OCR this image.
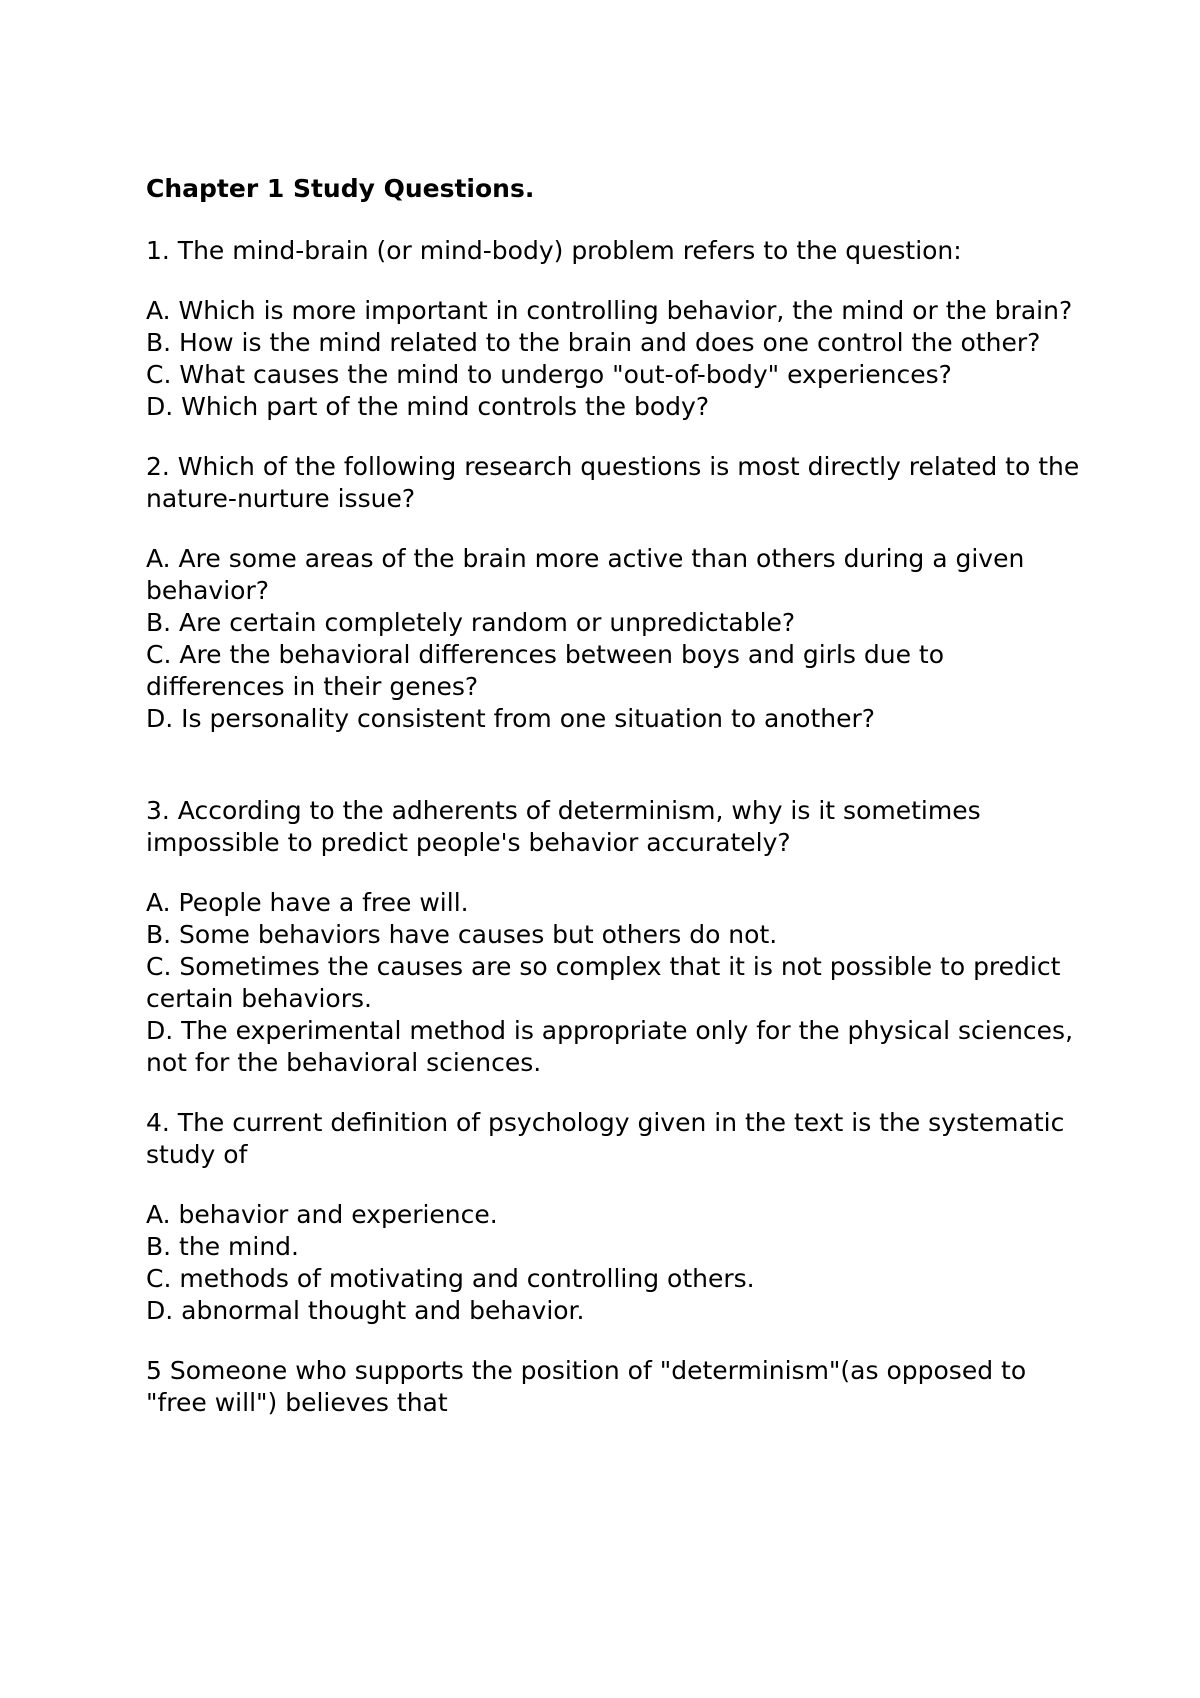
Chapter 1 Study Questions.
1. The mind-brain (or mind-body) problem refers to the question:
A. Which is more important in controlling behavior, the mind or the brain?
B. How is the mind related to the brain and does one control the other?
C. What causes the mind to undergo "out-of-body" experiences?
D. Which part of the mind controls the body?
2. Which of the following research questions is most directly related to the nature-nurture issue?
A. Are some areas of the brain more active than others during a given behavior?
B. Are certain completely random or unpredictable?
C. Are the behavioral differences between boys and girls due to differences in their genes?
D. Is personality consistent from one situation to another?
3. According to the adherents of determinism, why is it sometimes impossible to predict people's behavior accurately?
A. People have a free will.
B. Some behaviors have causes but others do not.
C. Sometimes the causes are so complex that it is not possible to predict certain behaviors.
D. The experimental method is appropriate only for the physical sciences, not for the behavioral sciences.
4. The current definition of psychology given in the text is the systematic study of
A. behavior and experience.
B. the mind.
C. methods of motivating and controlling others.
D. abnormal thought and behavior.
5 Someone who supports the position of "determinism"(as opposed to "free will") believes that
